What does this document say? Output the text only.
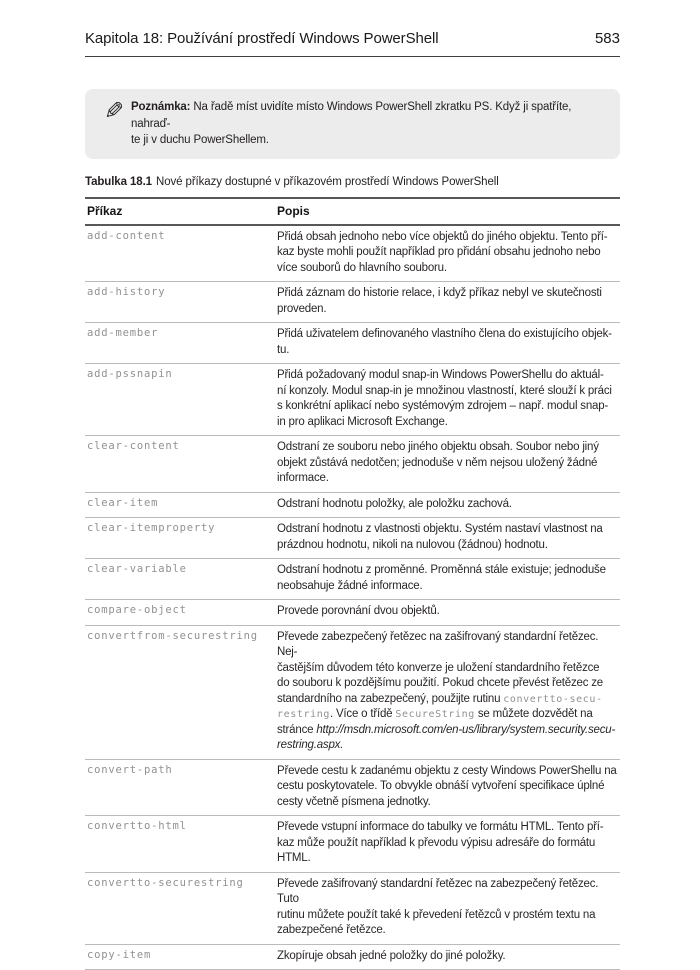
Kapitola 18: Používání prostředí Windows PowerShell	583
✎ Poznámka: Na řadě míst uvidíte místo Windows PowerShell zkratku PS. Když ji spatříte, nahraď-
te ji v duchu PowerShellem.

Tabulka 18.1 Nové příkazy dostupné v příkazovém prostředí Windows PowerShell

Příkaz	Popis
add-content	Přidá obsah jednoho nebo více objektů do jiného objektu. Tento pří-
kaz byste mohli použít například pro přidání obsahu jednoho nebo
více souborů do hlavního souboru.
add-history	Přidá záznam do historie relace, i když příkaz nebyl ve skutečnosti
proveden.
add-member	Přidá uživatelem definovaného vlastního člena do existujícího objek-
tu.
add-pssnapin	Přidá požadovaný modul snap-in Windows PowerShellu do aktuál-
ní konzoly. Modul snap-in je množinou vlastností, které slouží k práci
s konkrétní aplikací nebo systémovým zdrojem – např. modul snap-
in pro aplikaci Microsoft Exchange.
clear-content	Odstraní ze souboru nebo jiného objektu obsah. Soubor nebo jiný
objekt zůstává nedotčen; jednoduše v něm nejsou uložený žádné
informace.
clear-item	Odstraní hodnotu položky, ale položku zachová.
clear-itemproperty	Odstraní hodnotu z vlastnosti objektu. Systém nastaví vlastnost na
prázdnou hodnotu, nikoli na nulovou (žádnou) hodnotu.
clear-variable	Odstraní hodnotu z proměnné. Proměnná stále existuje; jednoduše
neobsahuje žádné informace.
compare-object	Provede porovnání dvou objektů.
convertfrom-securestring	Převede zabezpečený řetězec na zašifrovaný standardní řetězec. Nej-
častějším důvodem této konverze je uložení standardního řetězce
do souboru k pozdějšímu použití. Pokud chcete převést řetězec ze
standardního na zabezpečený, použijte rutinu convertto-secu-
restring. Více o třídě SecureString se můžete dozvědět na
stránce http://msdn.microsoft.com/en-us/library/system.security.secu-
restring.aspx.
convert-path	Převede cestu k zadanému objektu z cesty Windows PowerShellu na
cestu poskytovatele. To obvykle obnáší vytvoření specifikace úplné
cesty včetně písmena jednotky.
convertto-html	Převede vstupní informace do tabulky ve formátu HTML. Tento pří-
kaz může použít například k převodu výpisu adresáře do formátu
HTML.
convertto-securestring	Převede zašifrovaný standardní řetězec na zabezpečený řetězec. Tuto
rutinu můžete použít také k převedení řetězců v prostém textu na
zabezpečené řetězce.
copy-item	Zkopíruje obsah jedné položky do jiné položky.
